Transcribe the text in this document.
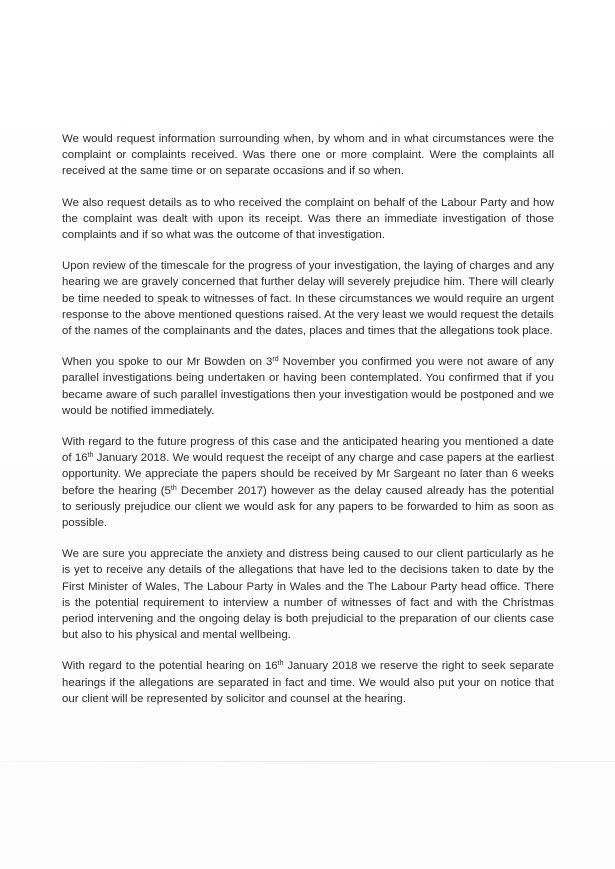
We would request information surrounding when, by whom and in what circumstances were the complaint or complaints received. Was there one or more complaint. Were the complaints all received at the same time or on separate occasions and if so when.

We also request details as to who received the complaint on behalf of the Labour Party and how the complaint was dealt with upon its receipt. Was there an immediate investigation of those complaints and if so what was the outcome of that investigation.

Upon review of the timescale for the progress of your investigation, the laying of charges and any hearing we are gravely concerned that further delay will severely prejudice him. There will clearly be time needed to speak to witnesses of fact. In these circumstances we would require an urgent response to the above mentioned questions raised. At the very least we would request the details of the names of the complainants and the dates, places and times that the allegations took place.

When you spoke to our Mr Bowden on 3rd November you confirmed you were not aware of any parallel investigations being undertaken or having been contemplated. You confirmed that if you became aware of such parallel investigations then your investigation would be postponed and we would be notified immediately.

With regard to the future progress of this case and the anticipated hearing you mentioned a date of 16th January 2018. We would request the receipt of any charge and case papers at the earliest opportunity. We appreciate the papers should be received by Mr Sargeant no later than 6 weeks before the hearing (5th December 2017) however as the delay caused already has the potential to seriously prejudice our client we would ask for any papers to be forwarded to him as soon as possible.

We are sure you appreciate the anxiety and distress being caused to our client particularly as he is yet to receive any details of the allegations that have led to the decisions taken to date by the First Minister of Wales, The Labour Party in Wales and the The Labour Party head office. There is the potential requirement to interview a number of witnesses of fact and with the Christmas period intervening and the ongoing delay is both prejudicial to the preparation of our clients case but also to his physical and mental wellbeing.

With regard to the potential hearing on 16th January 2018 we reserve the right to seek separate hearings if the allegations are separated in fact and time. We would also put your on notice that our client will be represented by solicitor and counsel at the hearing.
